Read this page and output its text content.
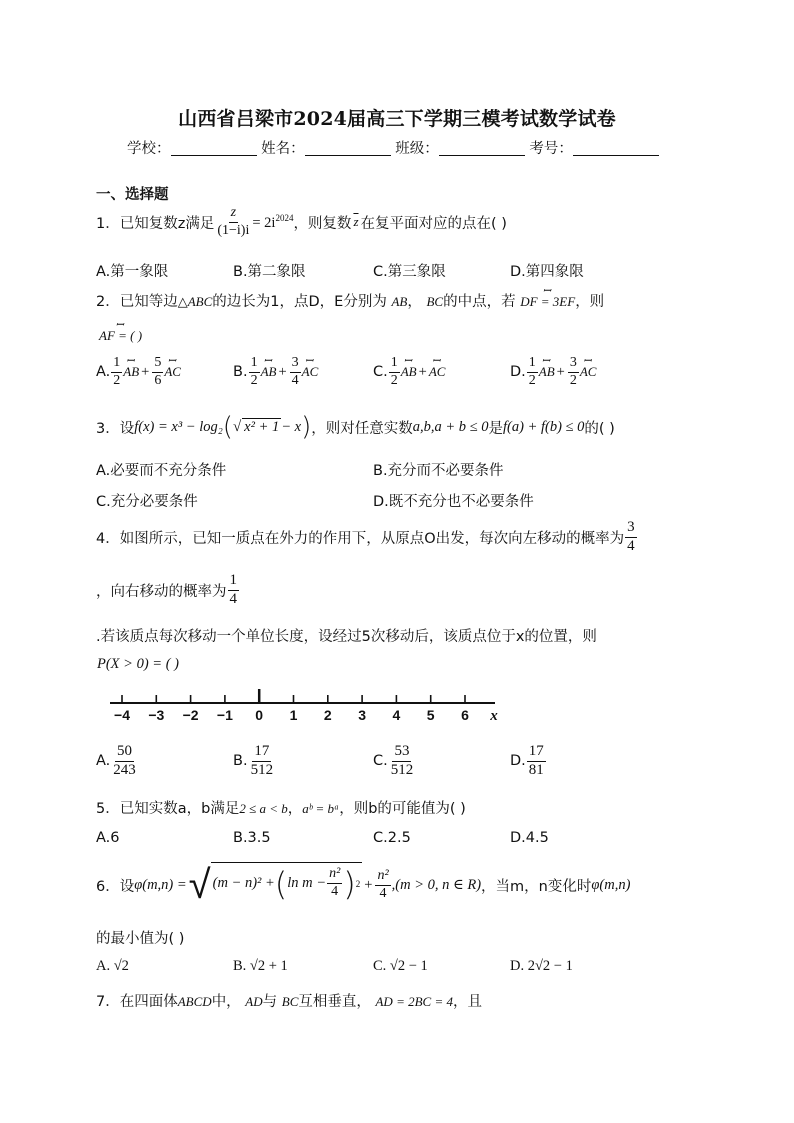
山西省吕梁市2024届高三下学期三模考试数学试卷
学校：	姓名：	班级：	考号：
一、选择题
1．已知复数z满足 $\frac{z}{(1-i)i} = 2i^{2024}$ ，则复数 $\overline{z}$ 在复平面对应的点在( )
A.第一象限	B.第二象限	C.第三象限	D.第四象限
2．已知等边△ABC的边长为1，点D，E分别为 AB， BC的中点，若 ꟷ DF = 3EF，则
ꟷ AF = ( )
A. $\frac{1}{2}$ ꟷ AB + $\frac{5}{6}$ ꟷ AC	B. $\frac{1}{2}$ ꟷ AB + $\frac{3}{4}$ ꟷ AC	C. $\frac{1}{2}$ ꟷ AB + ꟷ AC	D. $\frac{1}{2}$ ꟷ AB + $\frac{3}{2}$ ꟷ AC
3．设 f(x) = x³ − log₂ ( √ x² + 1 − x ) ，则对任意实数 a,b,a + b ≤ 0 是 f(a) + f(b) ≤ 0 的( )
A.必要而不充分条件	B.充分而不必要条件
C.充分必要条件	D.既不充分也不必要条件
4．如图所示，已知一质点在外力的作用下，从原点O出发，每次向左移动的概率为 $\frac{3}{4}$
，向右移动的概率为 $\frac{1}{4}$
.若该质点每次移动一个单位长度，设经过5次移动后，该质点位于x的位置，则
P(X > 0) = ( )
−4 −3 −2 −1 0 1 2 3 4 5 6 x
A. $\frac{50}{243}$	B. $\frac{17}{512}$	C. $\frac{53}{512}$	D. $\frac{17}{81}$
5．已知实数a，b满足2 ≤ a < b，aᵇ = bᵃ，则b的可能值为( )
A.6	B.3.5	C.2.5	D.4.5
6．设 φ(m,n) = √ (m − n)² + ( $\ln m - \frac{\text{n²}}{4}$ ) $2 + \frac{\text{n²}}{4} ,(m > 0$, n ∈ R) ，当m，n变化时 φ(m,n)
的最小值为( )
A. √2	B. √2 + 1	C. √2 − 1	D. 2√2 − 1
7．在四面体ABCD中， AD与 BC互相垂直， AD = 2BC = 4，且
